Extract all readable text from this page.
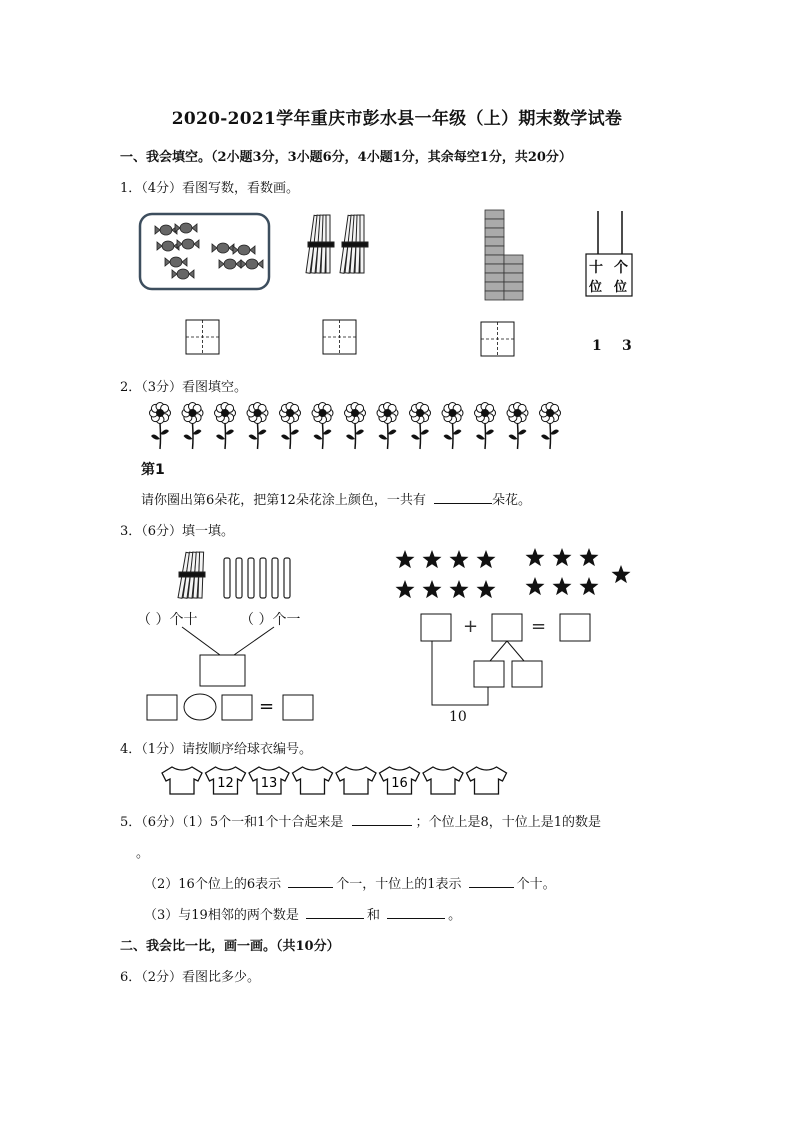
2020-2021学年重庆市彭水县一年级（上）期末数学试卷
一、我会填空。（2小题3分，3小题6分，4小题1分，其余每空1分，共20分）
1．（4分）看图写数，看数画。
十 个
位 位
1 3
2．（3分）看图填空。
第1
请你圈出第6朵花，把第12朵花涂上颜色，一共有	朵花。
3．（6分）填一填。
（ ）个十	（ ）个一
=
+	=
10
4．（1分）请按顺序给球衣编号。
12 13	16
5．（6分）（1）5个一和1个十合起来是	；个位上是8，十位上是1的数是
。
（2）16个位上的6表示	个一，十位上的1表示	个十。
（3）与19相邻的两个数是	和	。
二、我会比一比，画一画。（共10分）
6．（2分）看图比多少。
